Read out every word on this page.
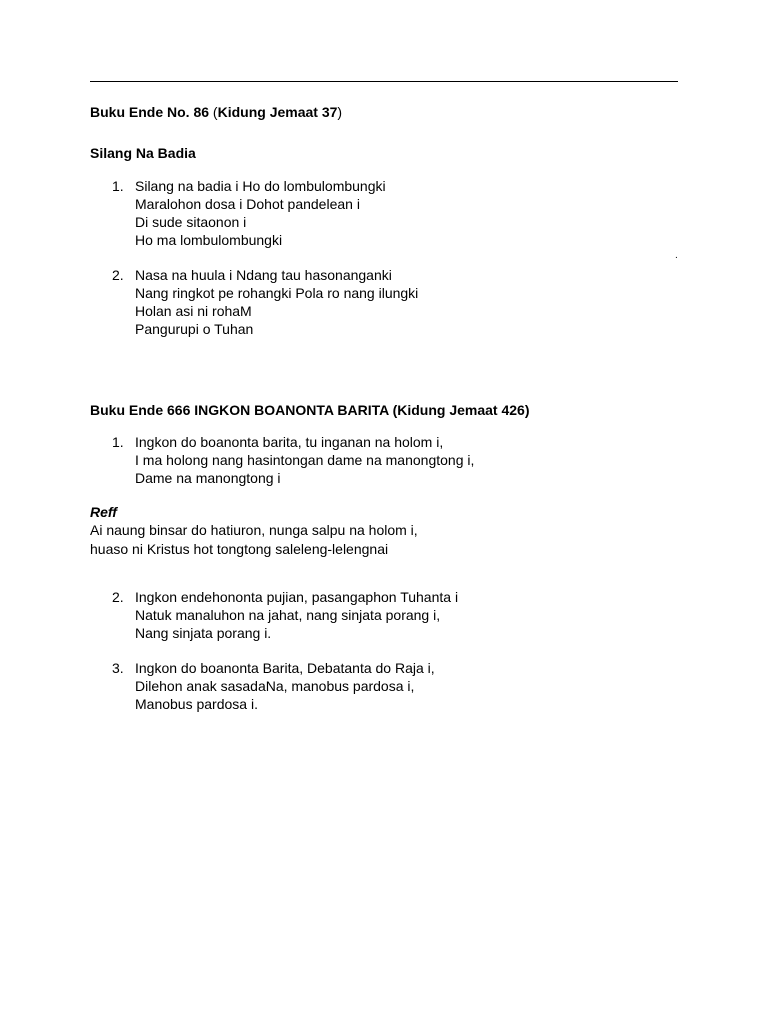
Buku Ende No. 86 (Kidung Jemaat 37)
Silang Na Badia
1. Silang na badia i Ho do lombulombungki
Maralohon dosa i Dohot pandelean i
Di sude sitaonon i
Ho ma lombulombungki
.
2. Nasa na huula i Ndang tau hasonanganki
Nang ringkot pe rohangki Pola ro nang ilungki
Holan asi ni rohaM
Pangurupi o Tuhan
Buku Ende 666 INGKON BOANONTA BARITA (Kidung Jemaat 426)
1. Ingkon do boanonta barita, tu inganan na holom i,
I ma holong nang hasintongan dame na manongtong i,
Dame na manongtong i
Reff
Ai naung binsar do hatiuron, nunga salpu na holom i,
huaso ni Kristus hot tongtong saleleng-lelengnai
2. Ingkon endehononta pujian, pasangaphon Tuhanta i
Natuk manaluhon na jahat, nang sinjata porang i,
Nang sinjata porang i.
3. Ingkon do boanonta Barita, Debatanta do Raja i,
Dilehon anak sasadaNa, manobus pardosa i,
Manobus pardosa i.
